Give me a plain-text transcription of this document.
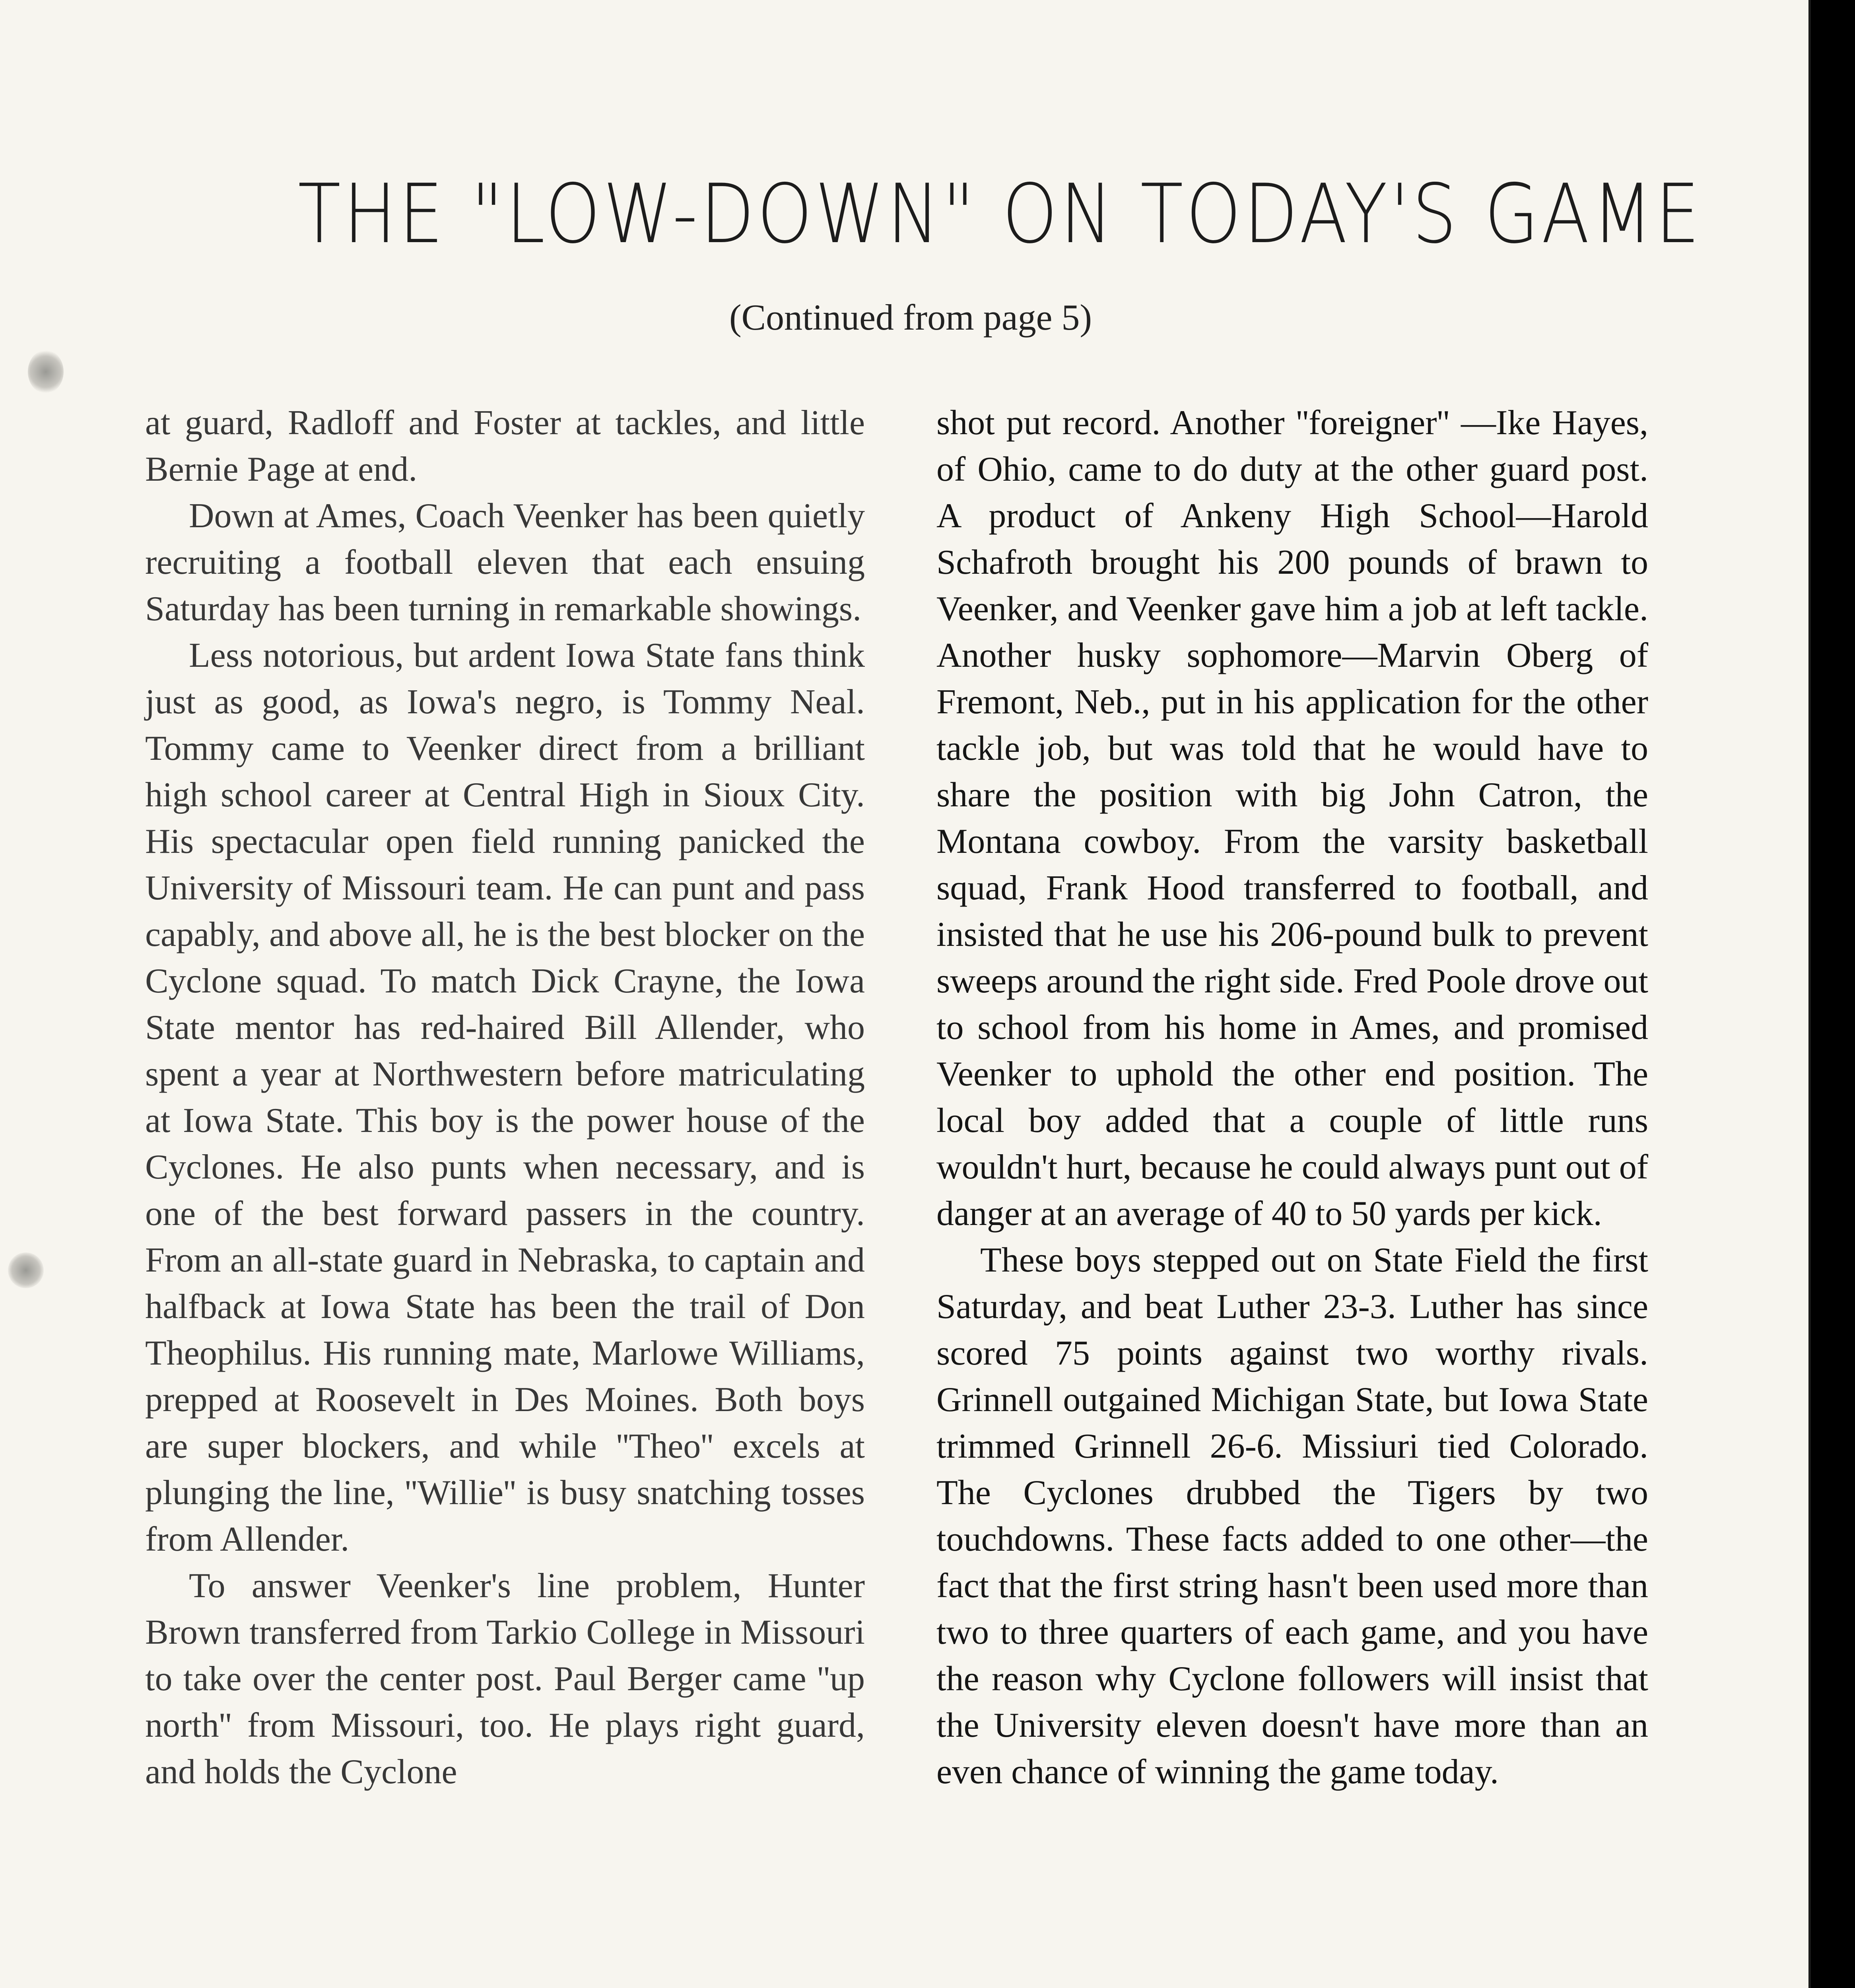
THE "LOW-DOWN" ON TODAY'S GAME
(Continued from page 5)

at guard, Radloff and Foster at tackles, and little Bernie Page at end.

Down at Ames, Coach Veenker has been quietly recruiting a football eleven that each ensuing Saturday has been turning in remarkable showings.

Less notorious, but ardent Iowa State fans think just as good, as Iowa's negro, is Tommy Neal. Tommy came to Veenker direct from a brilliant high school career at Central High in Sioux City. His spectacular open field running panicked the University of Missouri team. He can punt and pass capably, and above all, he is the best blocker on the Cyclone squad. To match Dick Crayne, the Iowa State mentor has red-haired Bill Allender, who spent a year at Northwestern before matriculating at Iowa State. This boy is the power house of the Cyclones. He also punts when necessary, and is one of the best forward passers in the country. From an all-state guard in Nebraska, to captain and halfback at Iowa State has been the trail of Don Theophilus. His running mate, Marlowe Williams, prepped at Roosevelt in Des Moines. Both boys are super blockers, and while ''Theo'' excels at plunging the line, ''Willie'' is busy snatching tosses from Allender.

To answer Veenker's line problem, Hunter Brown transferred from Tarkio College in Missouri to take over the center post. Paul Berger came ''up north'' from Missouri, too. He plays right guard, and holds the Cyclone

shot put record. Another ''foreigner'' —Ike Hayes, of Ohio, came to do duty at the other guard post. A product of Ankeny High School—Harold Schafroth brought his 200 pounds of brawn to Veenker, and Veenker gave him a job at left tackle. Another husky sophomore—Marvin Oberg of Fremont, Neb., put in his application for the other tackle job, but was told that he would have to share the position with big John Catron, the Montana cowboy. From the varsity basketball squad, Frank Hood transferred to football, and insisted that he use his 206-pound bulk to prevent sweeps around the right side. Fred Poole drove out to school from his home in Ames, and promised Veenker to uphold the other end position. The local boy added that a couple of little runs wouldn't hurt, because he could always punt out of danger at an average of 40 to 50 yards per kick.

These boys stepped out on State Field the first Saturday, and beat Luther 23-3. Luther has since scored 75 points against two worthy rivals. Grinnell outgained Michigan State, but Iowa State trimmed Grinnell 26-6. Missiuri tied Colorado. The Cyclones drubbed the Tigers by two touchdowns. These facts added to one other—the fact that the first string hasn't been used more than two to three quarters of each game, and you have the reason why Cyclone followers will insist that the University eleven doesn't have more than an even chance of winning the game today.
